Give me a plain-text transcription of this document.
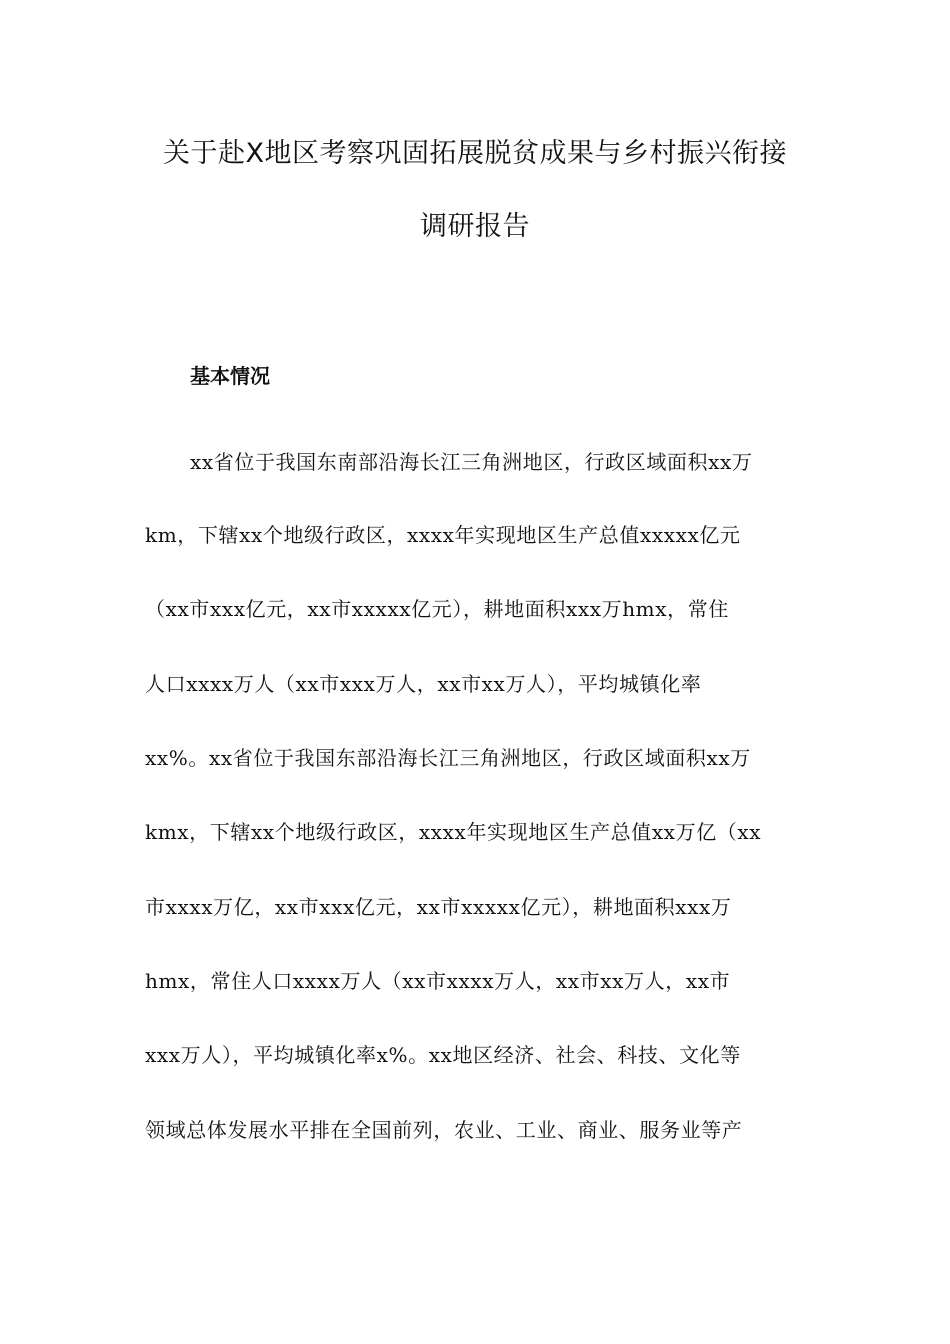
关于赴X地区考察巩固拓展脱贫成果与乡村振兴衔接
调研报告
基本情况

xx省位于我国东南部沿海长江三角洲地区，行政区域面积xx万

km，下辖xx个地级行政区，xxxx年实现地区生产总值xxxxx亿元

（xx市xxx亿元，xx市xxxxx亿元），耕地面积xxx万hmx，常住

人口xxxx万人（xx市xxx万人，xx市xx万人），平均城镇化率

xx%。xx省位于我国东部沿海长江三角洲地区，行政区域面积xx万

kmx，下辖xx个地级行政区，xxxx年实现地区生产总值xx万亿（xx

市xxxx万亿，xx市xxx亿元，xx市xxxxx亿元），耕地面积xxx万

hmx，常住人口xxxx万人（xx市xxxx万人，xx市xx万人，xx市

xxx万人），平均城镇化率x%。xx地区经济、社会、科技、文化等

领域总体发展水平排在全国前列，农业、工业、商业、服务业等产
